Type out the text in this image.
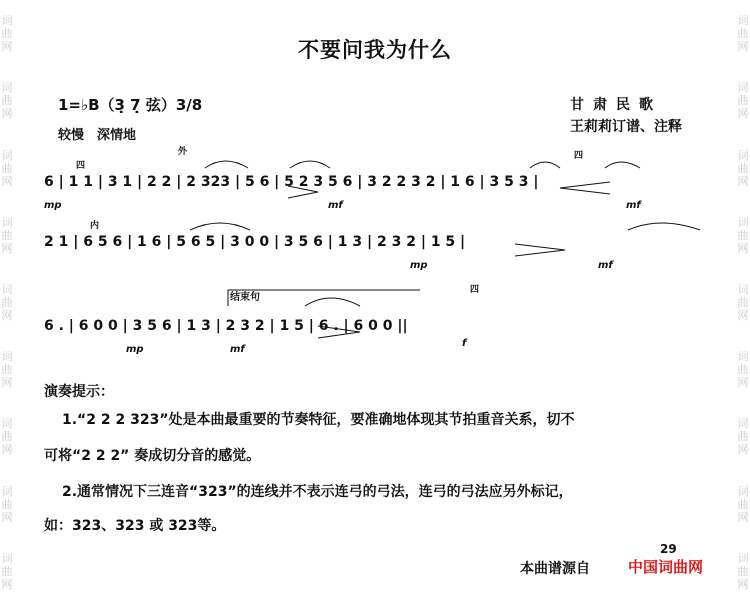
词 曲 网
词 曲 网
词 曲 网
词 曲 网
词 曲 网
词 曲 网
词 曲 网
词 曲 网
词 曲 网
词 曲 网
词 曲 网
词 曲 网
词 曲 网
词 曲 网
词 曲 网
词 曲 网
词 曲 网
词 曲 网
不要问我为什么
1=♭B（3̣ 7̣ 弦）3/8
较慢　深情地
甘肃民歌
王莉莉订谱、注释
6 | 1 1 | 3 1 | 2 2 | 2 323 | 5 6 | 5 2 3 5 6 | 3 2 2 3 2 | 1 6 | 3 5 3 |
2 1 | 6 5 6 | 1 6 | 5 6 5 | 3 0 0 | 3 5 6 | 1 3 | 2 3 2 | 1 5 |
6 . | 6 0 0 | 3 5 6 | 1 3 | 2 3 2 | 1 5 | 6 . | 6 0 0 ||
结束句
mp	mf	mf
mp	mf
mp	mf
f
四
外
内
四
四
演奏提示：
1.“2 2 2 323”处是本曲最重要的节奏特征，要准确地体现其节拍重音关系，切不
可将“2 2 2” 奏成切分音的感觉。
2.通常情况下三连音“323”的连线并不表示连弓的弓法，连弓的弓法应另外标记，
如：323、323 或 323等。
29
本曲谱源自	中国词曲网
